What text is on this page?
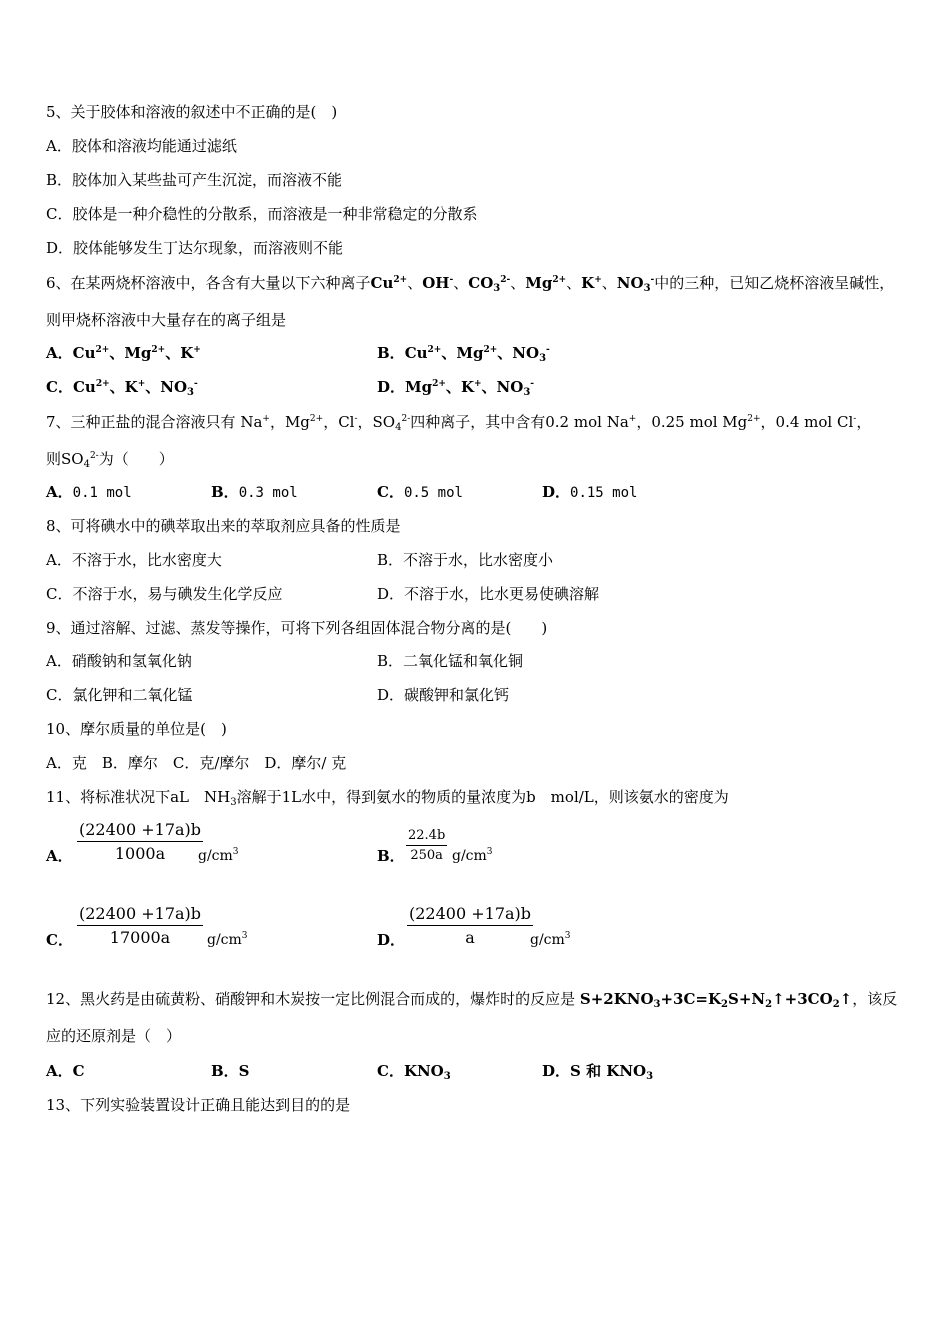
5、关于胶体和溶液的叙述中不正确的是(　)
A．胶体和溶液均能通过滤纸
B．胶体加入某些盐可产生沉淀，而溶液不能
C．胶体是一种介稳性的分散系，而溶液是一种非常稳定的分散系
D．胶体能够发生丁达尔现象，而溶液则不能
6、在某两烧杯溶液中，各含有大量以下六种离子$Cu^{2+}$、OH-、$CO_3^{2-}$、$Mg^{2+}$、K+、$NO_3^-$中的三种，已知乙烧杯溶液呈碱性，
则甲烧杯溶液中大量存在的离子组是
A．$Cu^{2+}$、$Mg^{2+}$、K+	B．$Cu^{2+}$、$Mg^{2+}$、$NO_3^-$
C．$Cu^{2+}$、K+、$NO_3^-$	D．$Mg^{2+}$、K+、$NO_3^-$
7、三种正盐的混合溶液只有 Na+，$Mg^{2+}$，Cl-，$SO_4^{2-}$四种离子，其中含有0.2 mol Na+，0.25 mol $Mg^{2+}$，0.4 mol Cl-，
则$SO_4^{2-}$为（　　）
A．0.1 mol	B．0.3 mol	C．0.5 mol	D．0.15 mol
8、可将碘水中的碘萃取出来的萃取剂应具备的性质是
A．不溶于水，比水密度大	B．不溶于水，比水密度小
C．不溶于水，易与碘发生化学反应	D．不溶于水，比水更易使碘溶解
9、通过溶解、过滤、蒸发等操作，可将下列各组固体混合物分离的是(　　)
A．硝酸钠和氢氧化钠	B．二氧化锰和氧化铜
C．氯化钾和二氧化锰	D．碳酸钾和氯化钙
10、摩尔质量的单位是(　)
A．克　B．摩尔　C．克/摩尔　D．摩尔/ 克
11、将标准状况下aL　$NH_3$溶解于1L水中，得到氨水的物质的量浓度为b　mol/L，则该氨水的密度为
A．
(22400 +17a)b
1000a	$g/cm^3$	B．
22.4b
250a $g/cm^3$
C．
(22400 +17a)b
17000a	$g/cm^3$	D．
(22400 +17a)b
a	$g/cm^3$
12、黑火药是由硫黄粉、硝酸钾和木炭按一定比例混合而成的，爆炸时的反应是 $S+2KNO_3+3C=K_2S+N_2↑+3CO_2↑$，该反
应的还原剂是（　）
A．C	B．S	C．$KNO_3$	D．S 和 $KNO_3$
13、下列实验装置设计正确且能达到目的的是
